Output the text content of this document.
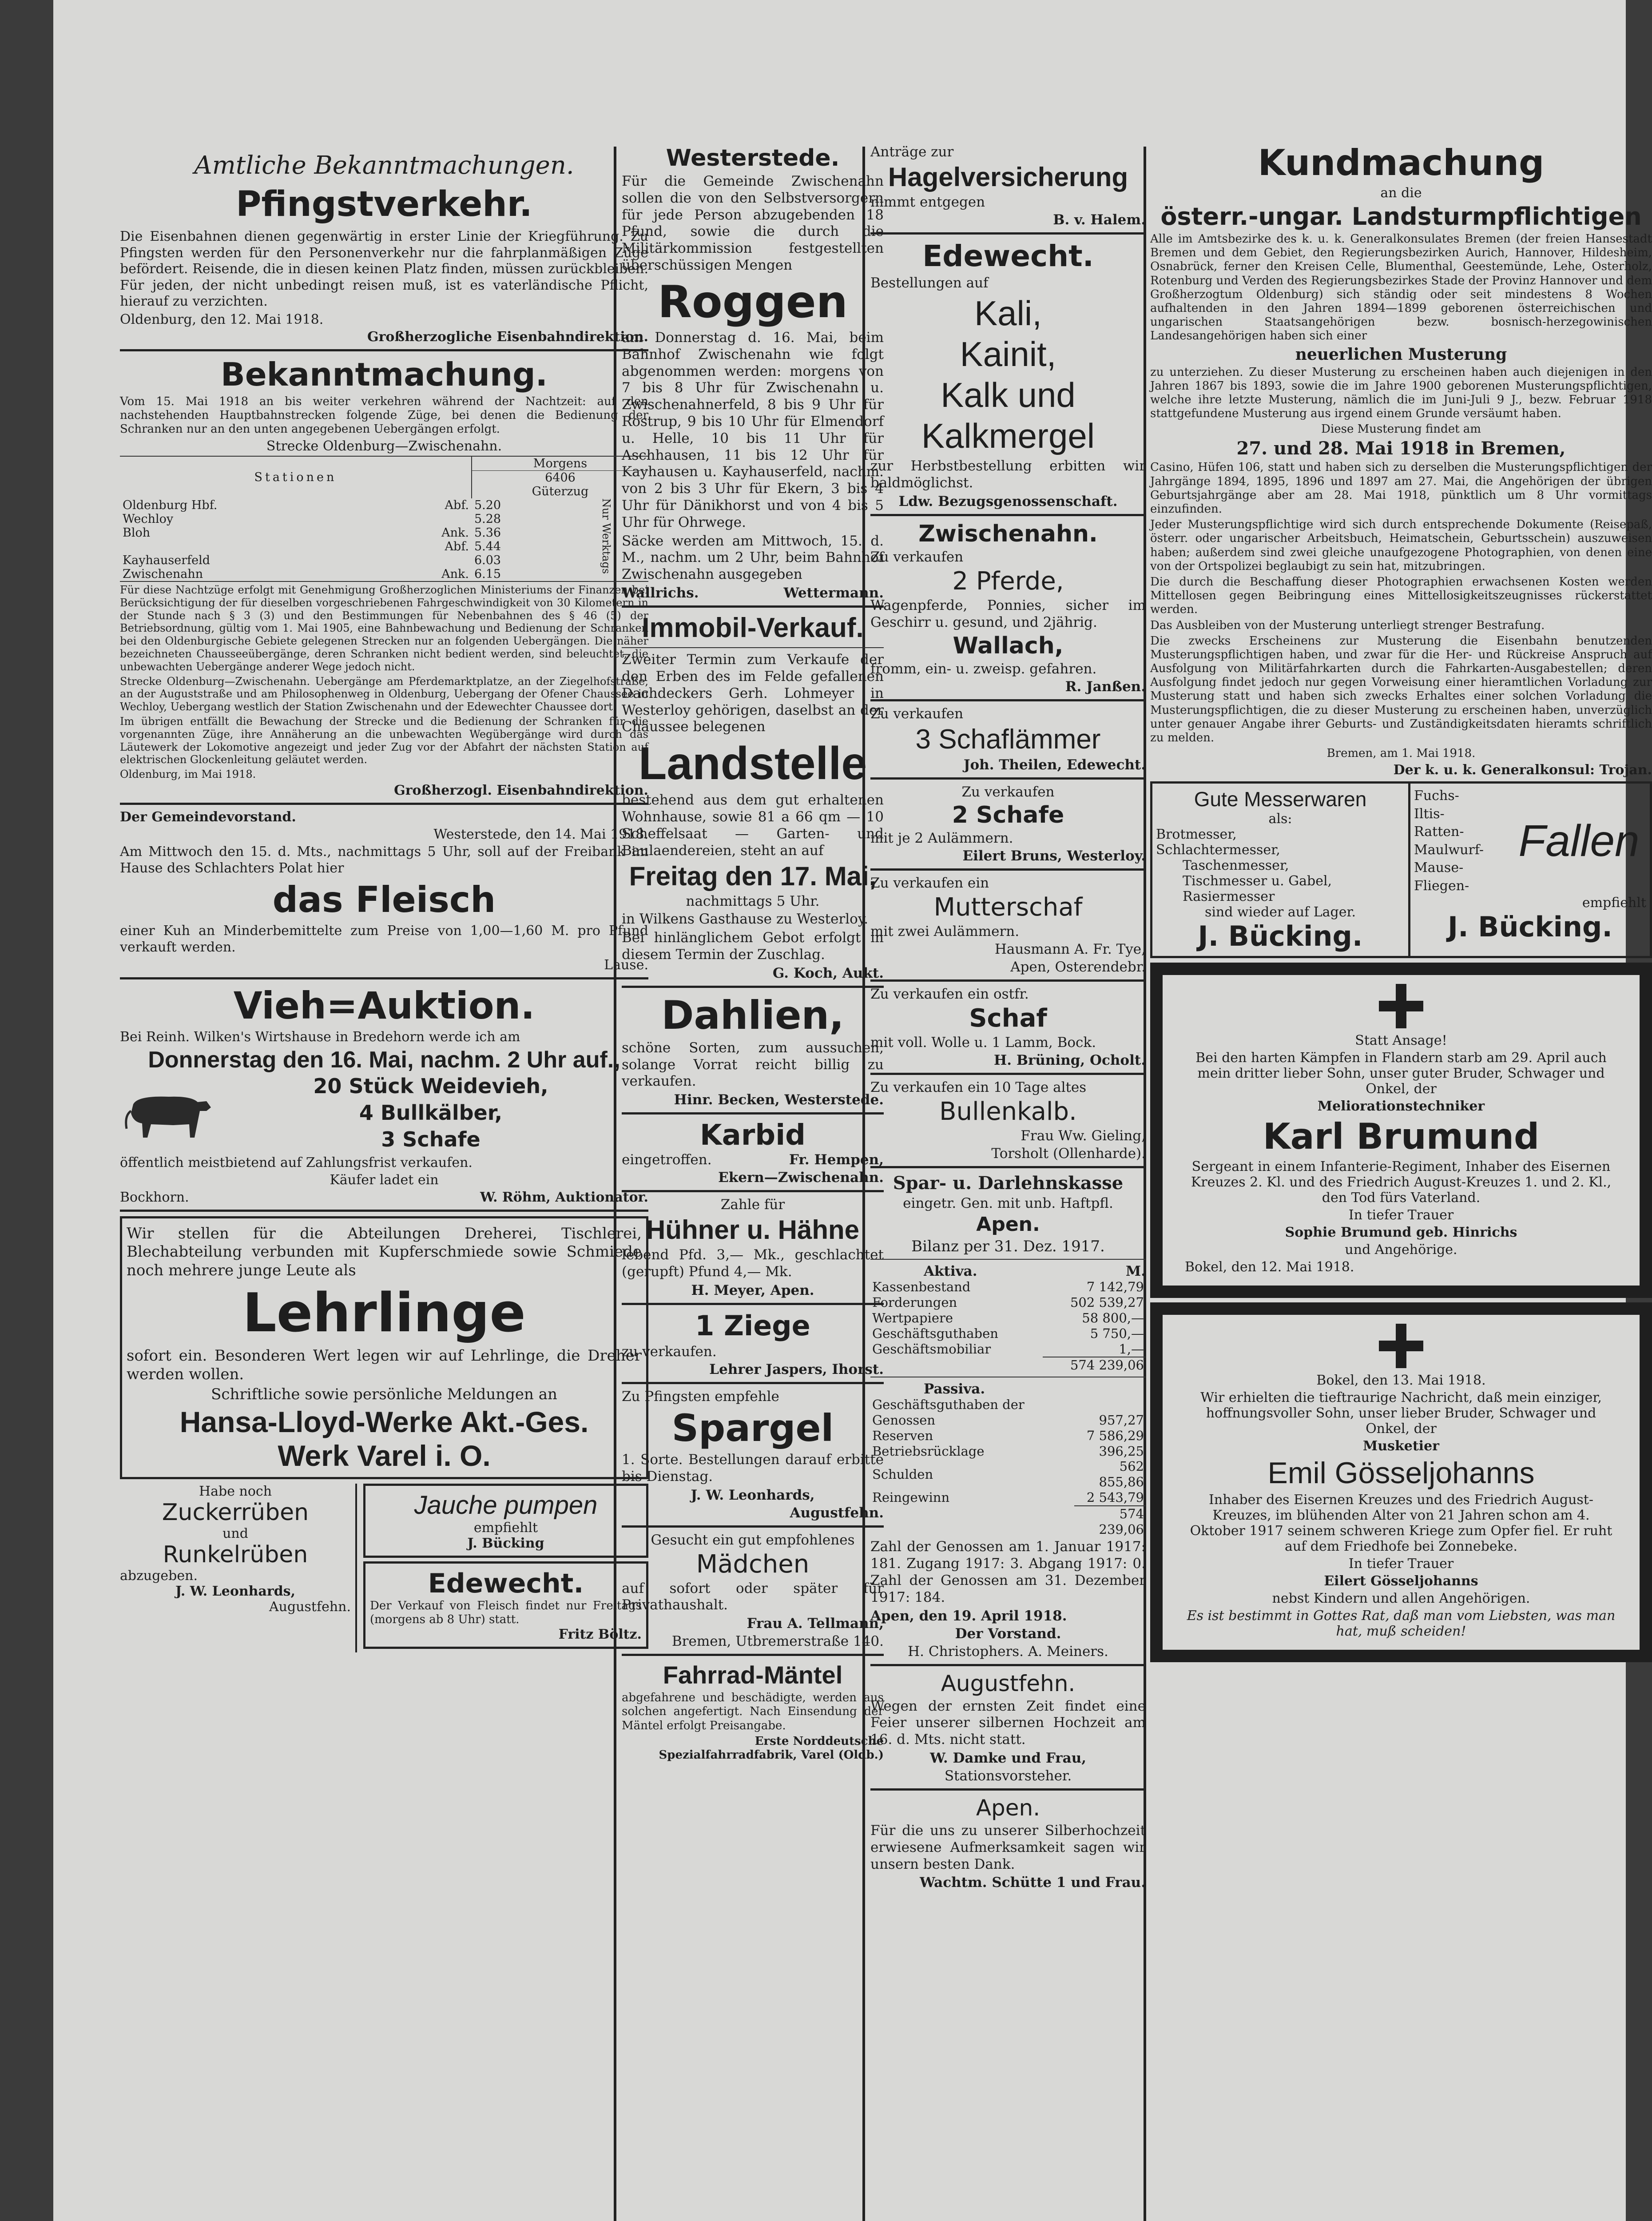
Amtliche Bekanntmachungen.
Pfingstverkehr.

Die Eisenbahnen dienen gegenwärtig in erster Linie der Kriegführung. Zu Pfingsten werden für den Personenverkehr nur die fahrplanmäßigen Züge befördert. Reisende, die in diesen keinen Platz finden, müssen zurückbleiben. Für jeden, der nicht unbedingt reisen muß, ist es vaterländische Pflicht, hierauf zu verzichten.

Oldenburg, den 12. Mai 1918.

Großherzogliche Eisenbahndirektion.

Bekanntmachung.

Vom 15. Mai 1918 an bis weiter verkehren während der Nachtzeit: auf den nachstehenden Hauptbahnstrecken folgende Züge, bei denen die Bedienung der Schranken nur an den unten angegebenen Uebergängen erfolgt.

Strecke Oldenburg—Zwischenahn.

Stationen	Morgens	
	6406	
	Güterzug	
Oldenburg Hbf. Abf.	5.20	Nur Werktags
Wechloy	5.28	
Bloh Ank.	5.36	

Abf.	5.44	
Kayhauserfeld	6.03	
Zwischenahn Ank.	6.15	

Für diese Nachtzüge erfolgt mit Genehmigung Großherzoglichen Ministeriums der Finanzen bei Berücksichtigung der für dieselben vorgeschriebenen Fahrgeschwindigkeit von 30 Kilometern in der Stunde nach § 3 (3) und den Bestimmungen für Nebenbahnen des § 46 (5) der Betriebsordnung, gültig vom 1. Mai 1905, eine Bahnbewachung und Bedienung der Schranken bei den Oldenburgische Gebiete gelegenen Strecken nur an folgenden Uebergängen. Die näher bezeichneten Chausseeübergänge, deren Schranken nicht bedient werden, sind beleuchtet, die unbewachten Uebergänge anderer Wege jedoch nicht.

Strecke Oldenburg—Zwischenahn. Uebergänge am Pferdemarktplatze, an der Ziegelhofstraße, an der Auguststraße und am Philosophenweg in Oldenburg, Uebergang der Ofener Chaussee in Wechloy, Uebergang westlich der Station Zwischenahn und der Edewechter Chaussee dort.

Im übrigen entfällt die Bewachung der Strecke und die Bedienung der Schranken für die vorgenannten Züge, ihre Annäherung an die unbewachten Wegübergänge wird durch das Läutewerk der Lokomotive angezeigt und jeder Zug vor der Abfahrt der nächsten Station auf elektrischen Glockenleitung geläutet werden.

Oldenburg, im Mai 1918.

Großherzogl. Eisenbahndirektion.

Der Gemeindevorstand.

Westerstede, den 14. Mai 1918.

Am Mittwoch den 15. d. Mts., nachmittags 5 Uhr, soll auf der Freibank im Hause des Schlachters Polat hier

das Fleisch

einer Kuh an Minderbemittelte zum Preise von 1,00—1,60 M. pro Pfund verkauft werden.

Lause.

Vieh=Auktion.

Bei Reinh. Wilken's Wirtshause in Bredehorn werde ich am

Donnerstag den 16. Mai, nachm. 2 Uhr auf.,
20 Stück Weidevieh,
4 Bullkälber,
3 Schafe

öffentlich meistbietend auf Zahlungsfrist verkaufen.

Käufer ladet ein

Bockhorn.	W. Röhm, Auktionator.

Wir stellen für die Abteilungen Dreherei, Tischlerei, Blechabteilung verbunden mit Kupferschmiede sowie Schmiede noch mehrere junge Leute als

Lehrlinge

sofort ein. Besonderen Wert legen wir auf Lehrlinge, die Dreher werden wollen.

Schriftliche sowie persönliche Meldungen an

Hansa-Lloyd-Werke Akt.-Ges.
Werk Varel i. O.
Habe noch
Zuckerrüben
und
Runkelrüben
abzugeben.
J. W. Leonhards,
Augustfehn.
Jauche pumpen
empfiehlt
J. Bücking
Edewecht.
Der Verkauf von Fleisch findet nur Freitags (morgens ab 8 Uhr) statt.
Fritz Böltz.
Westerstede.

Für die Gemeinde Zwischenahn sollen die von den Selbstversorgern für jede Person abzugebenden 18 Pfund, sowie die durch die Militärkommission festgestellten überschüssigen Mengen

Roggen

am Donnerstag d. 16. Mai, beim Bahnhof Zwischenahn wie folgt abgenommen werden: morgens von 7 bis 8 Uhr für Zwischenahn u. Zwischenahnerfeld, 8 bis 9 Uhr für Rostrup, 9 bis 10 Uhr für Elmendorf u. Helle, 10 bis 11 Uhr für Aschhausen, 11 bis 12 Uhr für Kayhausen u. Kayhauserfeld, nachm. von 2 bis 3 Uhr für Ekern, 3 bis 4 Uhr für Dänikhorst und von 4 bis 5 Uhr für Ohrwege.

Säcke werden am Mittwoch, 15. d. M., nachm. um 2 Uhr, beim Bahnhof Zwischenahn ausgegeben

Wallrichs.	Wettermann.
Immobil-Verkauf.

Zweiter Termin zum Verkaufe der den Erben des im Felde gefallenen Dachdeckers Gerh. Lohmeyer in Westerloy gehörigen, daselbst an der Chaussee belegenen

Landstelle

bestehend aus dem gut erhaltenen Wohnhause, sowie 81 a 66 qm — 10 Scheffelsaat — Garten- und Baulaendereien, steht an auf

Freitag den 17. Mai,

nachmittags 5 Uhr.

in Wilkens Gasthause zu Westerloy.

Bei hinlänglichem Gebot erfolgt in diesem Termin der Zuschlag.

G. Koch, Aukt.

Dahlien,

schöne Sorten, zum aussuchen, solange Vorrat reicht billig zu verkaufen.

Hinr. Becken, Westerstede.

Karbid
eingetroffen.	Fr. Hempen,

Ekern—Zwischenahn.

Zahle für

Hühner u. Hähne

lebend Pfd. 3,— Mk., geschlachtet (gerupft) Pfund 4,— Mk.

H. Meyer, Apen.

1 Ziege

zu verkaufen.

Lehrer Jaspers, Ihorst.

Zu Pfingsten empfehle

Spargel

1. Sorte. Bestellungen darauf erbitte bis Dienstag.

J. W. Leonhards,

Augustfehn.

Gesucht ein gut empfohlenes

Mädchen

auf sofort oder später für Privathaushalt.

Frau A. Tellmann,

Bremen, Utbremerstraße 140.

Fahrrad-Mäntel

abgefahrene und beschädigte, werden aus solchen angefertigt. Nach Einsendung der Mäntel erfolgt Preisangabe.

Erste Norddeutsche Spezialfahrradfabrik, Varel (Oldb.)

Anträge zur

Hagelversicherung

nimmt entgegen

B. v. Halem.

Edewecht.

Bestellungen auf

Kali,
Kainit,
Kalk und
Kalkmergel

zur Herbstbestellung erbitten wir baldmöglichst.

Ldw. Bezugsgenossenschaft.

Zwischenahn.

Zu verkaufen

2 Pferde,

Wagenpferde, Ponnies, sicher im Geschirr u. gesund, und 2jährig.

Wallach,

fromm, ein- u. zweisp. gefahren.

R. Janßen.

Zu verkaufen

3 Schaflämmer

Joh. Theilen, Edewecht.

Zu verkaufen

2 Schafe

mit je 2 Aulämmern.

Eilert Bruns, Westerloy.

Zu verkaufen ein

Mutterschaf

mit zwei Aulämmern.

Hausmann A. Fr. Tye,

Apen, Osterendebr.

Zu verkaufen ein ostfr.

Schaf

mit voll. Wolle u. 1 Lamm, Bock.

H. Brüning, Ocholt.

Zu verkaufen ein 10 Tage altes

Bullenkalb.

Frau Ww. Gieling,

Torsholt (Ollenharde).

Spar- u. Darlehnskasse

eingetr. Gen. mit unb. Haftpfl.

Apen.

Bilanz per 31. Dez. 1917.

Aktiva.	M.
Kassenbestand	7 142,79
Forderungen	502 539,27
Wertpapiere	58 800,—
Geschäftsguthaben	5 750,—
Geschäftsmobiliar	1,—
	574 239,06
Passiva.
Geschäftsguthaben der Genossen	957,27
Reserven	7 586,29
Betriebsrücklage	396,25
Schulden	562 855,86
Reingewinn	2 543,79
	574 239,06

Zahl der Genossen am 1. Januar 1917: 181. Zugang 1917: 3. Abgang 1917: 0. Zahl der Genossen am 31. Dezember 1917: 184.

Apen, den 19. April 1918.

Der Vorstand.

H. Christophers. A. Meiners.

Augustfehn.

Wegen der ernsten Zeit findet eine Feier unserer silbernen Hochzeit am 16. d. Mts. nicht statt.

W. Damke und Frau,

Stationsvorsteher.

Apen.

Für die uns zu unserer Silberhochzeit erwiesene Aufmerksamkeit sagen wir unsern besten Dank.

Wachtm. Schütte 1 und Frau.

Kundmachung

an die

österr.-ungar. Landsturmpflichtigen

Alle im Amtsbezirke des k. u. k. Generalkonsulates Bremen (der freien Hansestadt Bremen und dem Gebiet, den Regierungsbezirken Aurich, Hannover, Hildesheim, Osnabrück, ferner den Kreisen Celle, Blumenthal, Geestemünde, Lehe, Osterholz, Rotenburg und Verden des Regierungsbezirkes Stade der Provinz Hannover und dem Großherzogtum Oldenburg) sich ständig oder seit mindestens 8 Wochen aufhaltenden in den Jahren 1894—1899 geborenen österreichischen und ungarischen Staatsangehörigen bezw. bosnisch-herzegowinischen Landesangehörigen haben sich einer

neuerlichen Musterung

zu unterziehen. Zu dieser Musterung zu erscheinen haben auch diejenigen in den Jahren 1867 bis 1893, sowie die im Jahre 1900 geborenen Musterungspflichtigen, welche ihre letzte Musterung, nämlich die im Juni-Juli 9 J., bezw. Februar 1918 stattgefundene Musterung aus irgend einem Grunde versäumt haben.

Diese Musterung findet am

27. und 28. Mai 1918 in Bremen,

Casino, Hüfen 106, statt und haben sich zu derselben die Musterungspflichtigen der Jahrgänge 1894, 1895, 1896 und 1897 am 27. Mai, die Angehörigen der übrigen Geburtsjahrgänge aber am 28. Mai 1918, pünktlich um 8 Uhr vormittags einzufinden.

Jeder Musterungspflichtige wird sich durch entsprechende Dokumente (Reisepaß, österr. oder ungarischer Arbeitsbuch, Heimatschein, Geburtsschein) auszuweisen haben; außerdem sind zwei gleiche unaufgezogene Photographien, von denen eine von der Ortspolizei beglaubigt zu sein hat, mitzubringen.

Die durch die Beschaffung dieser Photographien erwachsenen Kosten werden Mittellosen gegen Beibringung eines Mittellosigkeitszeugnisses rückerstattet werden.

Das Ausbleiben von der Musterung unterliegt strenger Bestrafung.

Die zwecks Erscheinens zur Musterung die Eisenbahn benutzenden Musterungspflichtigen haben, und zwar für die Her- und Rückreise Anspruch auf Ausfolgung von Militärfahrkarten durch die Fahrkarten-Ausgabestellen; deren Ausfolgung findet jedoch nur gegen Vorweisung einer hieramtlichen Vorladung zur Musterung statt und haben sich zwecks Erhaltes einer solchen Vorladung die Musterungspflichtigen, die zu dieser Musterung zu erscheinen haben, unverzüglich unter genauer Angabe ihrer Geburts- und Zuständigkeitsdaten hieramts schriftlich zu melden.

Bremen, am 1. Mai 1918.

Der k. u. k. Generalkonsul: Trojan.

Gute Messerwaren
als:
Brotmesser,
Schlachtermesser,
Taschenmesser,
Tischmesser u. Gabel,
Rasiermesser
sind wieder auf Lager.
J. Bücking.
Fuchs-
Iltis-
Ratten-
Maulwurf-
Mause-
Fliegen-
Fallen
empfiehlt
J. Bücking.

Statt Ansage!

Bei den harten Kämpfen in Flandern starb am 29. April auch mein dritter lieber Sohn, unser guter Bruder, Schwager und Onkel, der

Meliorationstechniker

Karl Brumund

Sergeant in einem Infanterie-Regiment, Inhaber des Eisernen Kreuzes 2. Kl. und des Friedrich August-Kreuzes 1. und 2. Kl., den Tod fürs Vaterland.

In tiefer Trauer

Sophie Brumund geb. Hinrichs

und Angehörige.

Bokel, den 12. Mai 1918.

Bokel, den 13. Mai 1918.

Wir erhielten die tieftraurige Nachricht, daß mein einziger, hoffnungsvoller Sohn, unser lieber Bruder, Schwager und Onkel, der

Musketier

Emil Gösseljohanns

Inhaber des Eisernen Kreuzes und des Friedrich August-Kreuzes, im blühenden Alter von 21 Jahren schon am 4. Oktober 1917 seinem schweren Kriege zum Opfer fiel. Er ruht auf dem Friedhofe bei Zonnebeke.

In tiefer Trauer

Eilert Gösseljohanns

nebst Kindern und allen Angehörigen.

Es ist bestimmt in Gottes Rat, daß man vom Liebsten, was man hat, muß scheiden!
